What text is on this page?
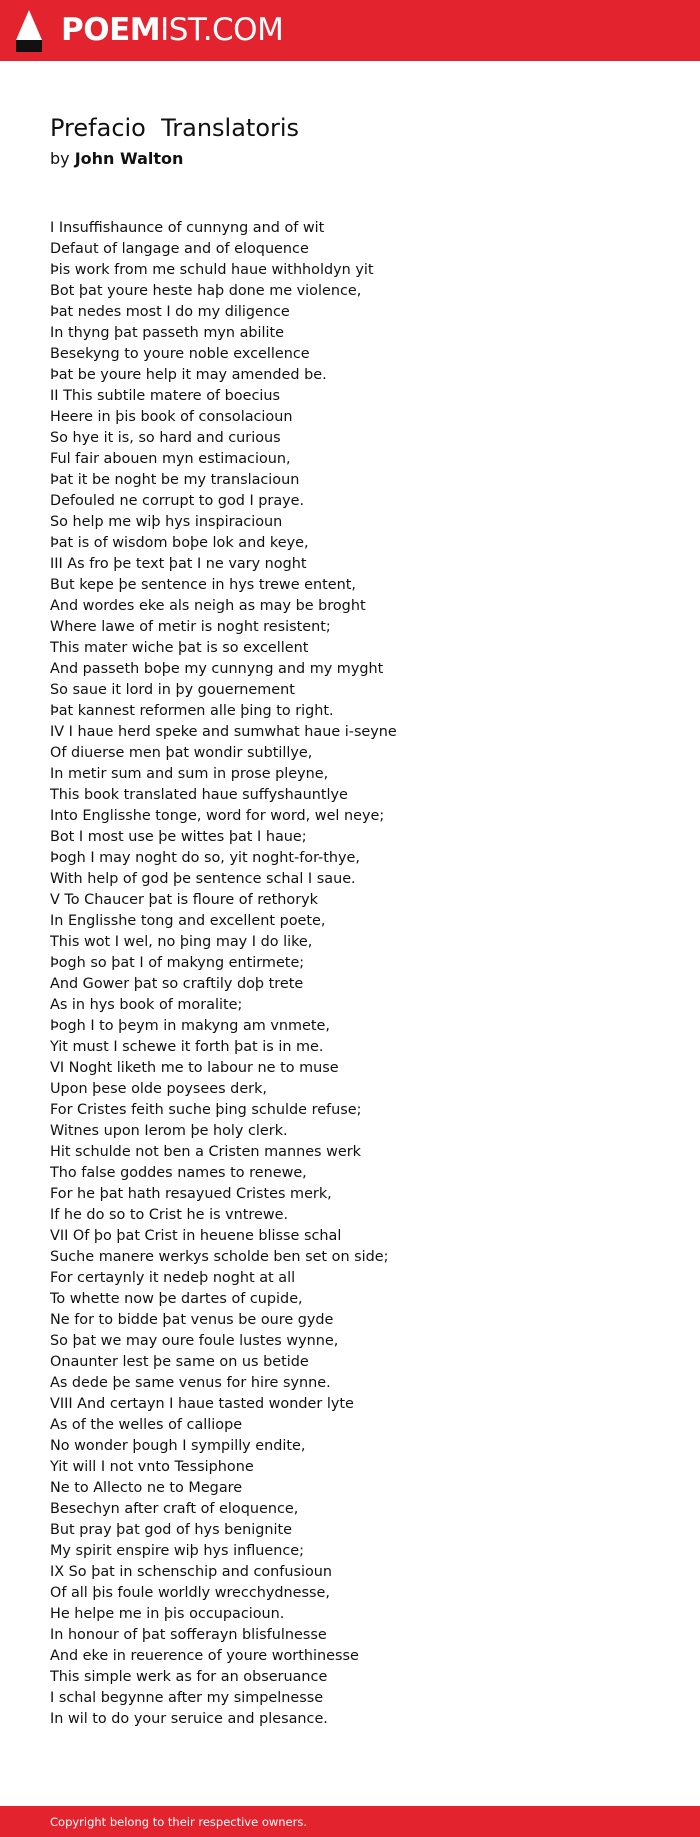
POEMIST.COM
Prefacio  Translatoris
by John Walton
I Insuffishaunce of cunnyng and of wit
Defaut of langage and of eloquence
Þis work from me schuld haue withholdyn yit
Bot þat youre heste haþ done me violence,
Þat nedes most I do my diligence
In thyng þat passeth myn abilite
Besekyng to youre noble excellence
Þat be youre help it may amended be.
II This subtile matere of boecius
Heere in þis book of consolacioun
So hye it is, so hard and curious
Ful fair abouen myn estimacioun,
Þat it be noght be my translacioun
Defouled ne corrupt to god I praye.
So help me wiþ hys inspiracioun
Þat is of wisdom boþe lok and keye,
III As fro þe text þat I ne vary noght
But kepe þe sentence in hys trewe entent,
And wordes eke als neigh as may be broght
Where lawe of metir is noght resistent;
This mater wiche þat is so excellent
And passeth boþe my cunnyng and my myght
So saue it lord in þy gouernement
Þat kannest reformen alle þing to right.
IV I haue herd speke and sumwhat haue i-seyne
Of diuerse men þat wondir subtillye,
In metir sum and sum in prose pleyne,
This book translated haue suffyshauntlye
Into Englisshe tonge, word for word, wel neye;
Bot I most use þe wittes þat I haue;
Þogh I may noght do so, yit noght-for-thye,
With help of god þe sentence schal I saue.
V To Chaucer þat is floure of rethoryk
In Englisshe tong and excellent poete,
This wot I wel, no þing may I do like,
Þogh so þat I of makyng entirmete;
And Gower þat so craftily doþ trete
As in hys book of moralite;
Þogh I to þeym in makyng am vnmete,
Yit must I schewe it forth þat is in me.
VI Noght liketh me to labour ne to muse
Upon þese olde poysees derk,
For Cristes feith suche þing schulde refuse;
Witnes upon Ierom þe holy clerk.
Hit schulde not ben a Cristen mannes werk
Tho false goddes names to renewe,
For he þat hath resayued Cristes merk,
If he do so to Crist he is vntrewe.
VII Of þo þat Crist in heuene blisse schal
Suche manere werkys scholde ben set on side;
For certaynly it nedeþ noght at all
To whette now þe dartes of cupide,
Ne for to bidde þat venus be oure gyde
So þat we may oure foule lustes wynne,
Onaunter lest þe same on us betide
As dede þe same venus for hire synne.
VIII And certayn I haue tasted wonder lyte
As of the welles of calliope
No wonder þough I sympilly endite,
Yit will I not vnto Tessiphone
Ne to Allecto ne to Megare
Besechyn after craft of eloquence,
But pray þat god of hys benignite
My spirit enspire wiþ hys influence;
IX So þat in schenschip and confusioun
Of all þis foule worldly wrecchydnesse,
He helpe me in þis occupacioun.
In honour of þat sofferayn blisfulnesse
And eke in reuerence of youre worthinesse
This simple werk as for an obseruance
I schal begynne after my simpelnesse
In wil to do your seruice and plesance.
Copyright belong to their respective owners.
